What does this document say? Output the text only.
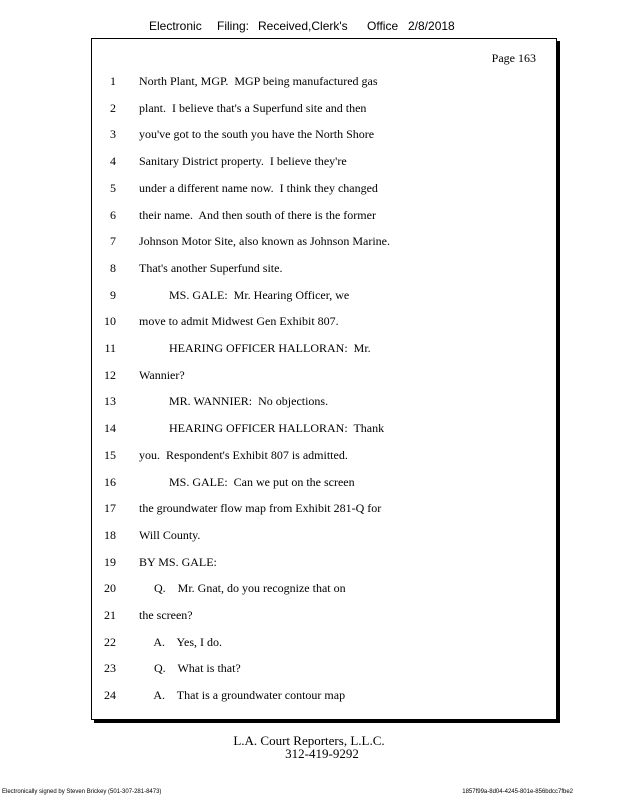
Electronic Filing: Received,Clerk's Office 2/8/2018
Page 163
1 North Plant, MGP.  MGP being manufactured gas
2 plant.  I believe that's a Superfund site and then
3 you've got to the south you have the North Shore
4 Sanitary District property.  I believe they're
5 under a different name now.  I think they changed
6 their name.  And then south of there is the former
7 Johnson Motor Site, also known as Johnson Marine.
8 That's another Superfund site.
9 MS. GALE:  Mr. Hearing Officer, we
10 move to admit Midwest Gen Exhibit 807.
11 HEARING OFFICER HALLORAN:  Mr.
12 Wannier?
13 MR. WANNIER:  No objections.
14 HEARING OFFICER HALLORAN:  Thank
15 you.  Respondent's Exhibit 807 is admitted.
16 MS. GALE:  Can we put on the screen
17 the groundwater flow map from Exhibit 281-Q for
18 Will County.
19 BY MS. GALE:
20 Q.    Mr. Gnat, do you recognize that on
21 the screen?
22 A.    Yes, I do.
23 Q.    What is that?
24 A.    That is a groundwater contour map
L.A. Court Reporters, L.L.C.
312-419-9292
Electronically signed by Steven Brickey (501-307-281-8473)	1857f99a-8d04-4245-801e-856bdcc7fbe2
